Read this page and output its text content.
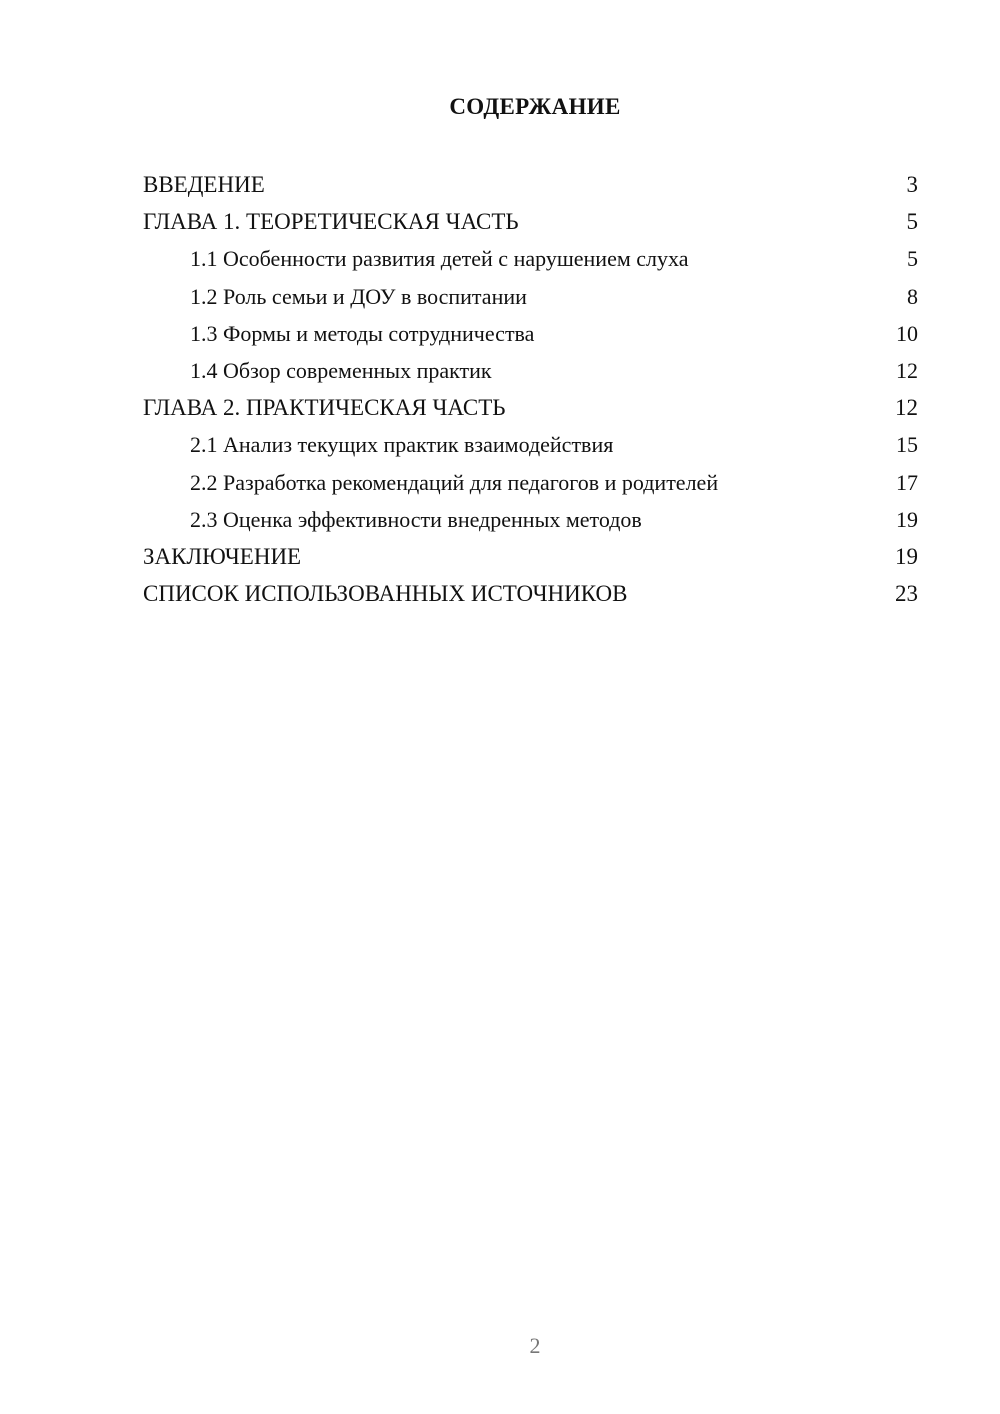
СОДЕРЖАНИЕ
ВВЕДЕНИЕ	3
ГЛАВА 1. ТЕОРЕТИЧЕСКАЯ ЧАСТЬ	5
1.1 Особенности развития детей с нарушением слуха	5
1.2 Роль семьи и ДОУ в воспитании	8
1.3 Формы и методы сотрудничества	10
1.4 Обзор современных практик	12
ГЛАВА 2. ПРАКТИЧЕСКАЯ ЧАСТЬ	12
2.1 Анализ текущих практик взаимодействия	15
2.2 Разработка рекомендаций для педагогов и родителей	17
2.3 Оценка эффективности внедренных методов	19
ЗАКЛЮЧЕНИЕ	19
СПИСОК ИСПОЛЬЗОВАННЫХ ИСТОЧНИКОВ	23
2
